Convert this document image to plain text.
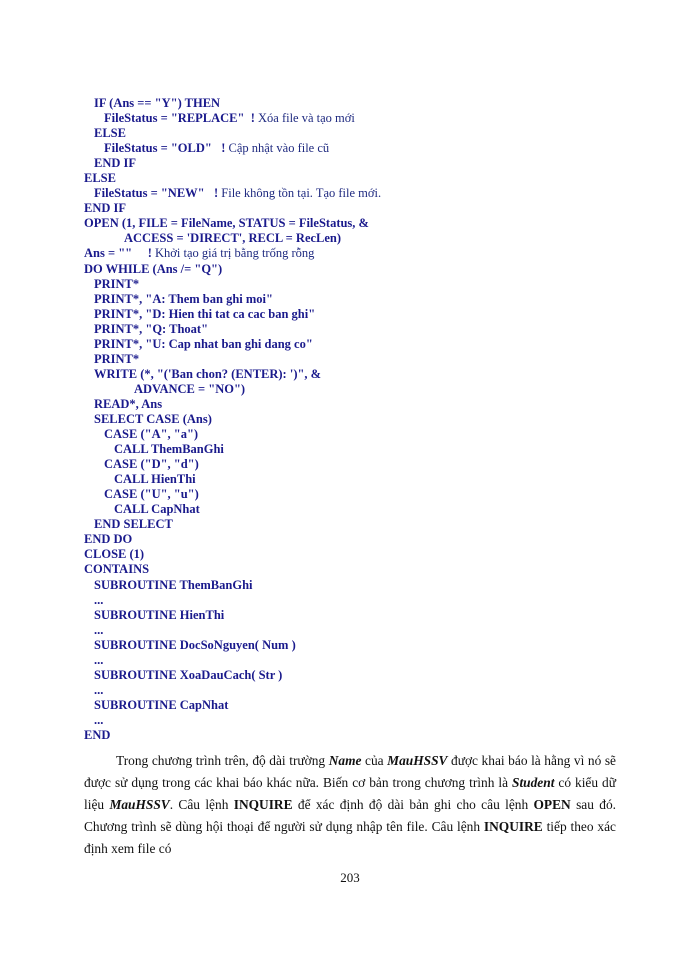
IF (Ans == "Y") THEN
FileStatus = "REPLACE"  ! Xóa file và tạo mới
ELSE
FileStatus = "OLD"   ! Cập nhật vào file cũ
END IF
ELSE
FileStatus = "NEW"   ! File không tồn tại. Tạo file mới.
END IF
OPEN (1, FILE = FileName, STATUS = FileStatus, &
ACCESS = 'DIRECT', RECL = RecLen)
Ans = ""     ! Khởi tạo giá trị bằng trống rỗng
DO WHILE (Ans /= "Q")
PRINT*
PRINT*, "A: Them ban ghi moi"
PRINT*, "D: Hien thi tat ca cac ban ghi"
PRINT*, "Q: Thoat"
PRINT*, "U: Cap nhat ban ghi dang co"
PRINT*
WRITE (*, "('Ban chon? (ENTER): ')", &
ADVANCE = "NO")
READ*, Ans
SELECT CASE (Ans)
CASE ("A", "a")
CALL ThemBanGhi
CASE ("D", "d")
CALL HienThi
CASE ("U", "u")
CALL CapNhat
END SELECT
END DO
CLOSE (1)
CONTAINS
SUBROUTINE ThemBanGhi
...
SUBROUTINE HienThi
...
SUBROUTINE DocSoNguyen( Num )
...
SUBROUTINE XoaDauCach( Str )
...
SUBROUTINE CapNhat
...
END

Trong chương trình trên, độ dài trường Name của MauHSSV được khai báo là hằng vì nó sẽ được sử dụng trong các khai báo khác nữa. Biến cơ bản trong chương trình là Student có kiểu dữ liệu MauHSSV. Câu lệnh INQUIRE để xác định độ dài bản ghi cho câu lệnh OPEN sau đó. Chương trình sẽ dùng hội thoại để người sử dụng nhập tên file. Câu lệnh INQUIRE tiếp theo xác định xem file có

203
